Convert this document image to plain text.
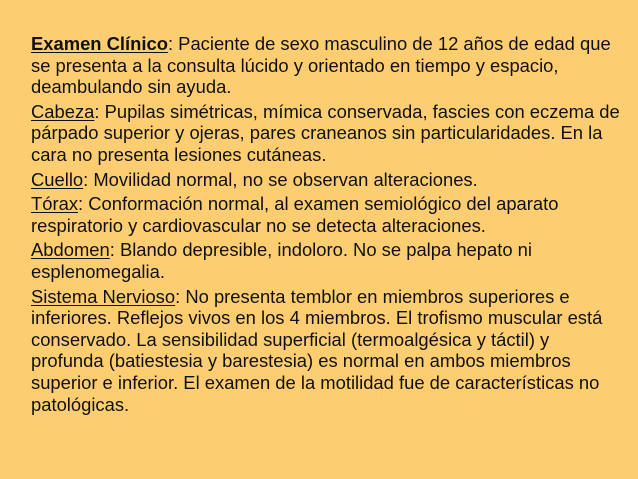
Examen Clínico: Paciente de sexo masculino de 12 años de edad que se presenta a la consulta lúcido y orientado en tiempo y espacio, deambulando sin ayuda.

Cabeza: Pupilas simétricas, mímica conservada, fascies con eczema de párpado superior y ojeras, pares craneanos sin particularidades. En la cara no presenta lesiones cutáneas.

Cuello: Movilidad normal, no se observan alteraciones.

Tórax: Conformación normal, al examen semiológico del aparato respiratorio y cardiovascular no se detecta alteraciones.

Abdomen: Blando depresible, indoloro. No se palpa hepato ni esplenomegalia.

Sistema Nervioso: No presenta temblor en miembros superiores e inferiores. Reflejos vivos en los 4 miembros. El trofismo muscular está conservado. La sensibilidad superficial (termoalgésica y táctil) y profunda (batiestesia y barestesia) es normal en ambos miembros superior e inferior. El examen de la motilidad fue de características no patológicas.
